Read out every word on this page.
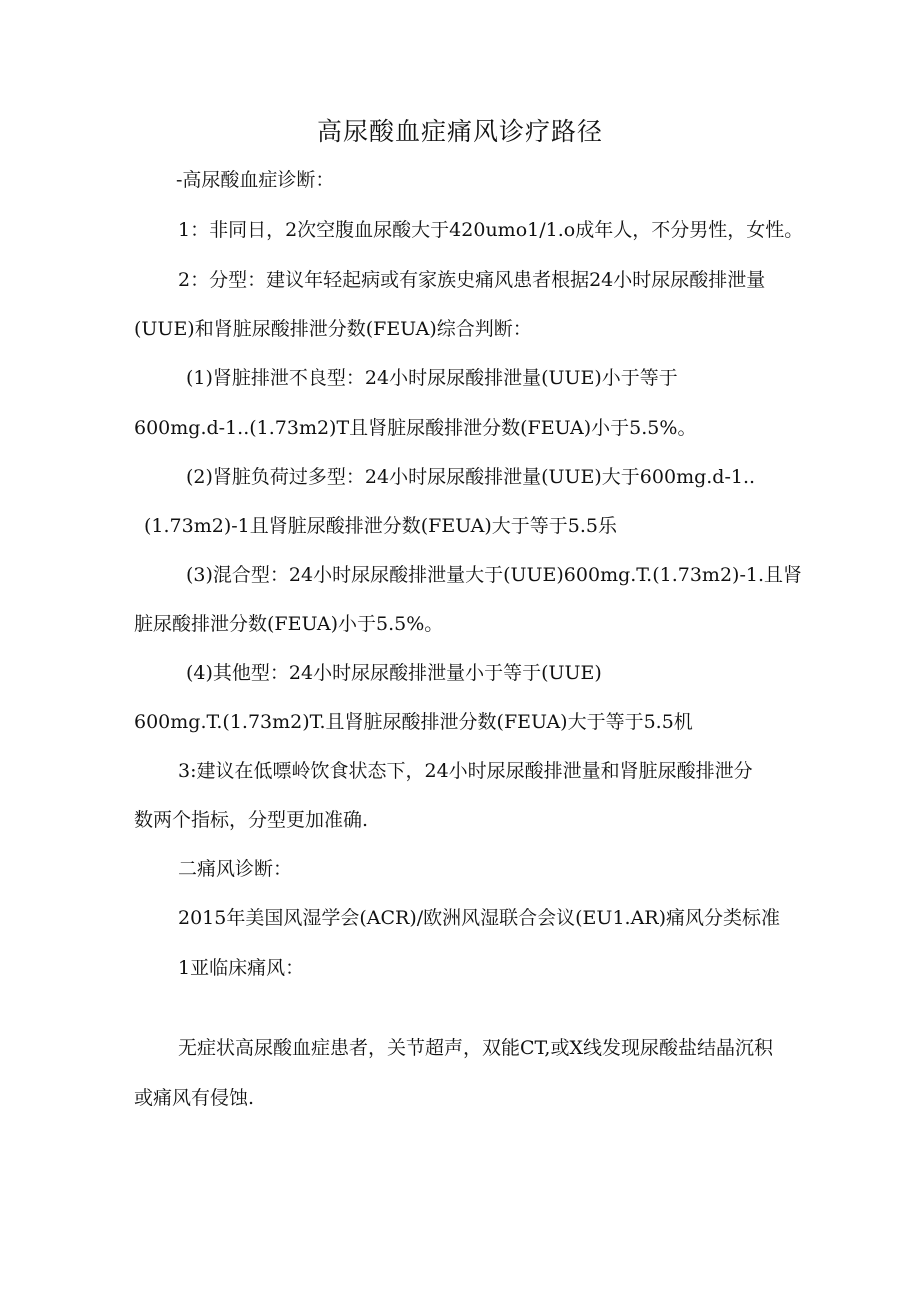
高尿酸血症痛风诊疗路径
-高尿酸血症诊断：
1：非同日，2次空腹血尿酸大于420umo1/1.o成年人，不分男性，女性。
2：分型：建议年轻起病或有家族史痛风患者根据24小时尿尿酸排泄量
(UUE)和肾脏尿酸排泄分数(FEUA)综合判断：
(1)肾脏排泄不良型：24小时尿尿酸排泄量(UUE)小于等于
600mg.d-1..(1.73m2)T且肾脏尿酸排泄分数(FEUA)小于5.5%。
(2)肾脏负荷过多型：24小时尿尿酸排泄量(UUE)大于600mg.d-1..
(1.73m2)-1且肾脏尿酸排泄分数(FEUA)大于等于5.5乐
(3)混合型：24小时尿尿酸排泄量大于(UUE)600mg.T.(1.73m2)-1.且肾
脏尿酸排泄分数(FEUA)小于5.5%。
(4)其他型：24小时尿尿酸排泄量小于等于(UUE)
600mg.T.(1.73m2)T.且肾脏尿酸排泄分数(FEUA)大于等于5.5机
3:建议在低嘌岭饮食状态下，24小时尿尿酸排泄量和肾脏尿酸排泄分
数两个指标，分型更加准确.
二痛风诊断：
2015年美国风湿学会(ACR)/欧洲风湿联合会议(EU1.AR)痛风分类标准
1亚临床痛风：
无症状高尿酸血症患者，关节超声，双能CT,或X线发现尿酸盐结晶沉积
或痛风有侵蚀.
